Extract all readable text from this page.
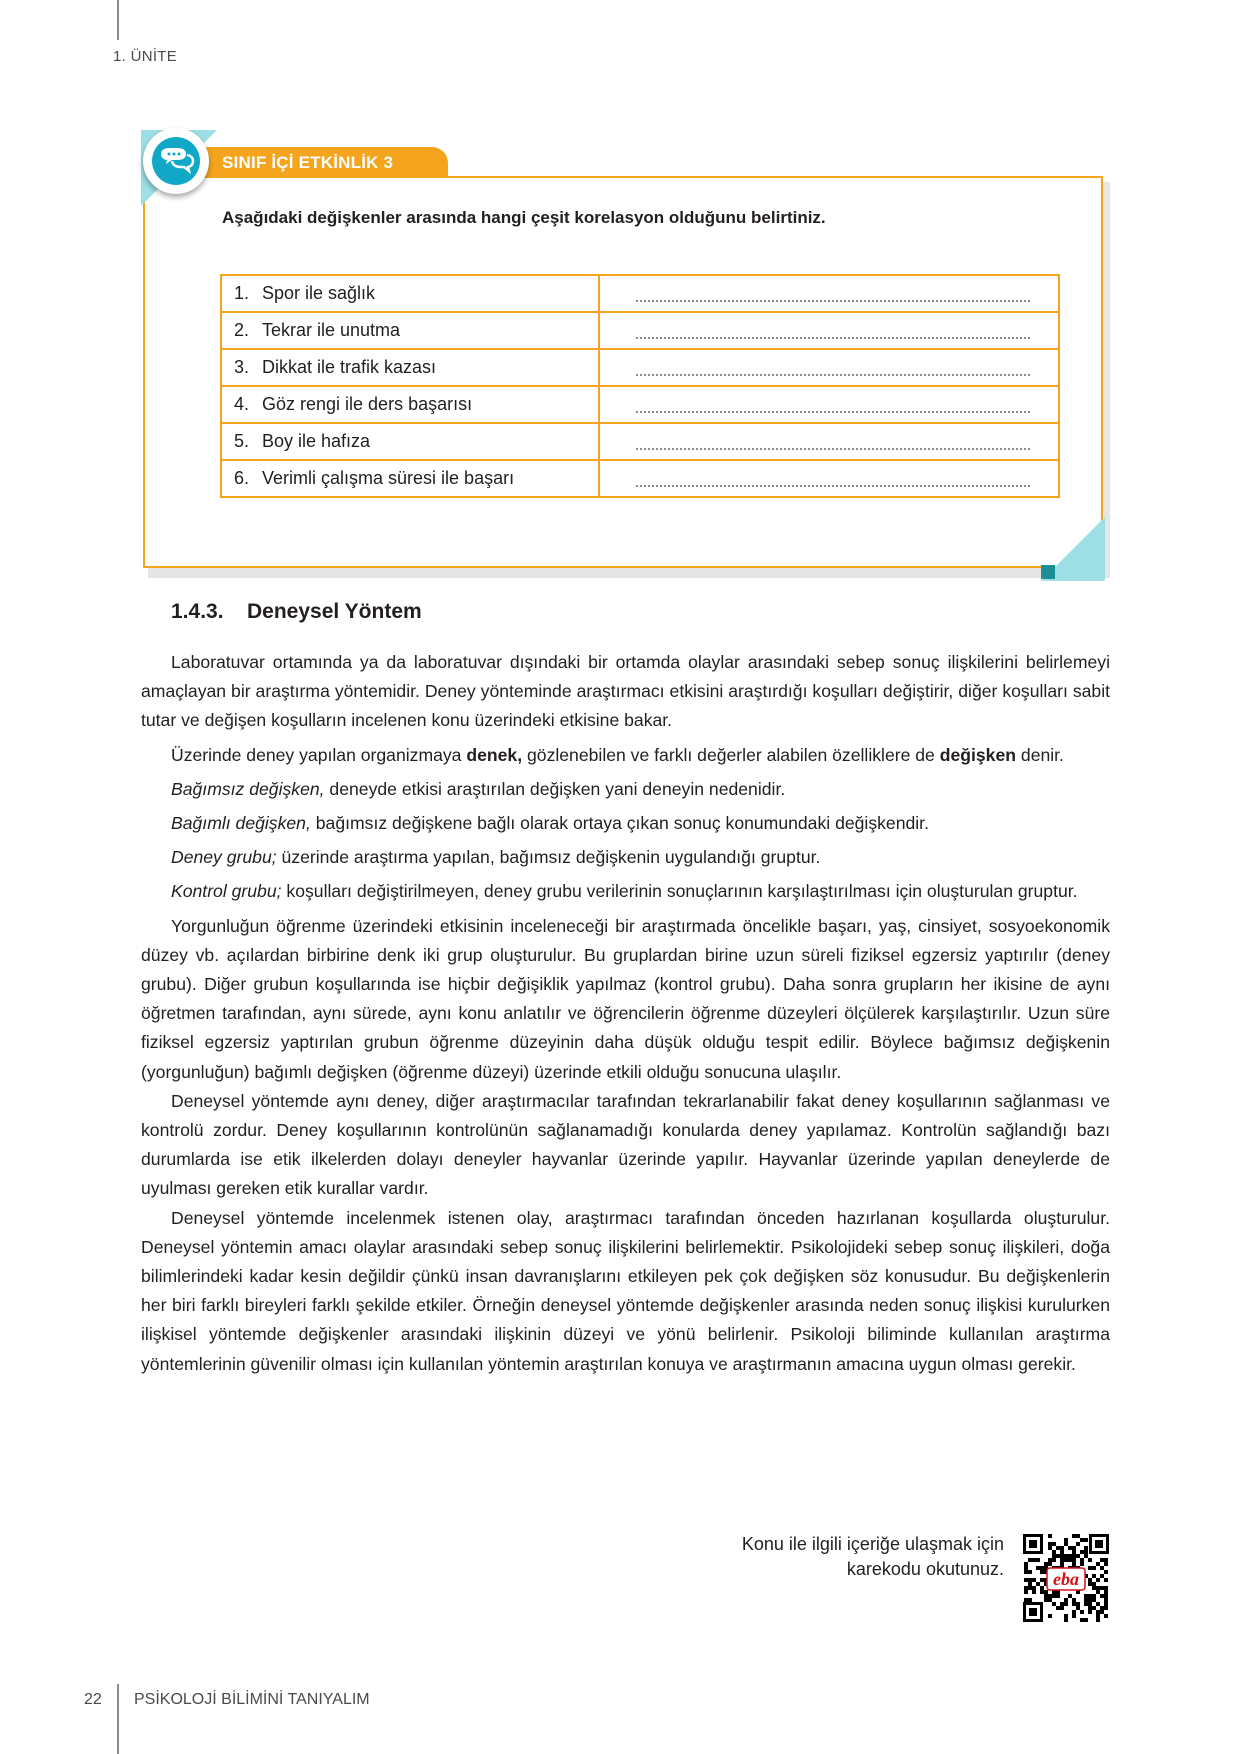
1. ÜNİTE
SINIF İÇİ ETKİNLİK 3
Aşağıdaki değişkenler arasında hangi çeşit korelasyon olduğunu belirtiniz.
1. Spor ile sağlık	

2. Tekrar ile unutma	

3. Dikkat ile trafik kazası	

4. Göz rengi ile ders başarısı	

5. Boy ile hafıza	

6. Verimli çalışma süresi ile başarı	
1.4.3. Deneysel Yöntem

Laboratuvar ortamında ya da laboratuvar dışındaki bir ortamda olaylar arasındaki sebep sonuç ilişkilerini belirlemeyi amaçlayan bir araştırma yöntemidir. Deney yönteminde araştırmacı etkisini araştırdığı koşulları değiştirir, diğer koşulları sabit tutar ve değişen koşulların incelenen konu üzerindeki etkisine bakar.

Üzerinde deney yapılan organizmaya denek, gözlenebilen ve farklı değerler alabilen özelliklere de değişken denir.

Bağımsız değişken, deneyde etkisi araştırılan değişken yani deneyin nedenidir.

Bağımlı değişken, bağımsız değişkene bağlı olarak ortaya çıkan sonuç konumundaki değişkendir.

Deney grubu; üzerinde araştırma yapılan, bağımsız değişkenin uygulandığı gruptur.

Kontrol grubu; koşulları değiştirilmeyen, deney grubu verilerinin sonuçlarının karşılaştırılması için oluşturulan gruptur.

Yorgunluğun öğrenme üzerindeki etkisinin inceleneceği bir araştırmada öncelikle başarı, yaş, cinsiyet, sosyoekonomik düzey vb. açılardan birbirine denk iki grup oluşturulur. Bu gruplardan birine uzun süreli fiziksel egzersiz yaptırılır (deney grubu). Diğer grubun koşullarında ise hiçbir değişiklik yapılmaz (kontrol grubu). Daha sonra grupların her ikisine de aynı öğretmen tarafından, aynı sürede, aynı konu anlatılır ve öğrencilerin öğrenme düzeyleri ölçülerek karşılaştırılır. Uzun süre fiziksel egzersiz yaptırılan grubun öğrenme düzeyinin daha düşük olduğu tespit edilir. Böylece bağımsız değişkenin (yorgunluğun) bağımlı değişken (öğrenme düzeyi) üzerinde etkili olduğu sonucuna ulaşılır.

Deneysel yöntemde aynı deney, diğer araştırmacılar tarafından tekrarlanabilir fakat deney koşullarının sağlanması ve kontrolü zordur. Deney koşullarının kontrolünün sağlanamadığı konularda deney yapılamaz. Kontrolün sağlandığı bazı durumlarda ise etik ilkelerden dolayı deneyler hayvanlar üzerinde yapılır. Hayvanlar üzerinde yapılan deneylerde de uyulması gereken etik kurallar vardır.

Deneysel yöntemde incelenmek istenen olay, araştırmacı tarafından önceden hazırlanan koşullarda oluşturulur. Deneysel yöntemin amacı olaylar arasındaki sebep sonuç ilişkilerini belirlemektir. Psikolojideki sebep sonuç ilişkileri, doğa bilimlerindeki kadar kesin değildir çünkü insan davranışlarını etkileyen pek çok değişken söz konusudur. Bu değişkenlerin her biri farklı bireyleri farklı şekilde etkiler. Örneğin deneysel yöntemde değişkenler arasında neden sonuç ilişkisi kurulurken ilişkisel yöntemde değişkenler arasındaki ilişkinin düzeyi ve yönü belirlenir. Psikoloji biliminde kullanılan araştırma yöntemlerinin güvenilir olması için kullanılan yöntemin araştırılan konuya ve araştırmanın amacına uygun olması gerekir.

Konu ile ilgili içeriğe ulaşmak için
karekodu okutunuz.	eba
22 PSİKOLOJİ BİLİMİNİ TANIYALIM
